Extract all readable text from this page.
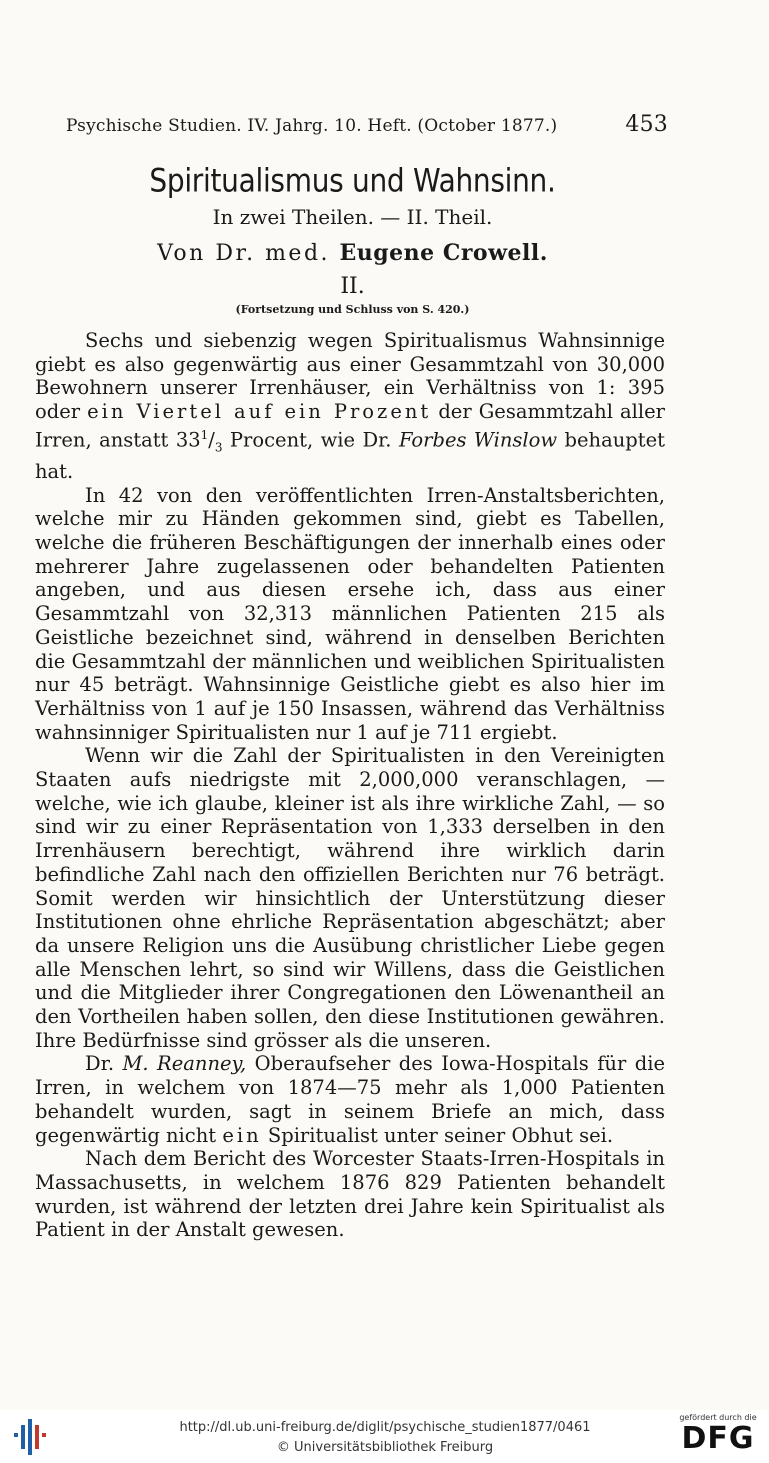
Psychische Studien. IV. Jahrg. 10. Heft. (October 1877.)	453
Spiritualismus und Wahnsinn.
In zwei Theilen. — II. Theil.
Von Dr. med. Eugene Crowell.
II.
(Fortsetzung und Schluss von S. 420.)

Sechs und siebenzig wegen Spiritualismus Wahnsinnige giebt es also gegenwärtig aus einer Gesammtzahl von 30,000 Bewohnern unserer Irrenhäuser, ein Verhältniss von 1: 395 oder ein Viertel auf ein Prozent der Gesammtzahl aller Irren, anstatt $33^1/_3$ Procent, wie Dr. Forbes Winslow behauptet hat.

In 42 von den veröffentlichten Irren-Anstaltsberichten, welche mir zu Händen gekommen sind, giebt es Tabellen, welche die früheren Beschäftigungen der innerhalb eines oder mehrerer Jahre zugelassenen oder behandelten Patienten angeben, und aus diesen ersehe ich, dass aus einer Gesammtzahl von 32,313 männlichen Patienten 215 als Geistliche bezeichnet sind, während in denselben Berichten die Gesammtzahl der männlichen und weiblichen Spiritualisten nur 45 beträgt. Wahnsinnige Geistliche giebt es also hier im Verhältniss von 1 auf je 150 Insassen, während das Verhältniss wahnsinniger Spiritualisten nur 1 auf je 711 ergiebt.

Wenn wir die Zahl der Spiritualisten in den Vereinigten Staaten aufs niedrigste mit 2,000,000 veranschlagen, — welche, wie ich glaube, kleiner ist als ihre wirkliche Zahl, — so sind wir zu einer Repräsentation von 1,333 derselben in den Irrenhäusern berechtigt, während ihre wirklich darin befindliche Zahl nach den offiziellen Berichten nur 76 beträgt. Somit werden wir hinsichtlich der Unterstützung dieser Institutionen ohne ehrliche Repräsentation abgeschätzt; aber da unsere Religion uns die Ausübung christlicher Liebe gegen alle Menschen lehrt, so sind wir Willens, dass die Geistlichen und die Mitglieder ihrer Congregationen den Löwenantheil an den Vortheilen haben sollen, den diese Institutionen gewähren. Ihre Bedürfnisse sind grösser als die unseren.

Dr. M. Reanney, Oberaufseher des Iowa-Hospitals für die Irren, in welchem von 1874—75 mehr als 1,000 Patienten behandelt wurden, sagt in seinem Briefe an mich, dass gegenwärtig nicht ein Spiritualist unter seiner Obhut sei.

Nach dem Bericht des Worcester Staats-Irren-Hospitals in Massachusetts, in welchem 1876 829 Patienten behandelt wurden, ist während der letzten drei Jahre kein Spiritualist als Patient in der Anstalt gewesen.

http://dl.ub.uni-freiburg.de/diglit/psychische_studien1877/0461
© Universitätsbibliothek Freiburg
gefördert durch die
DFG
